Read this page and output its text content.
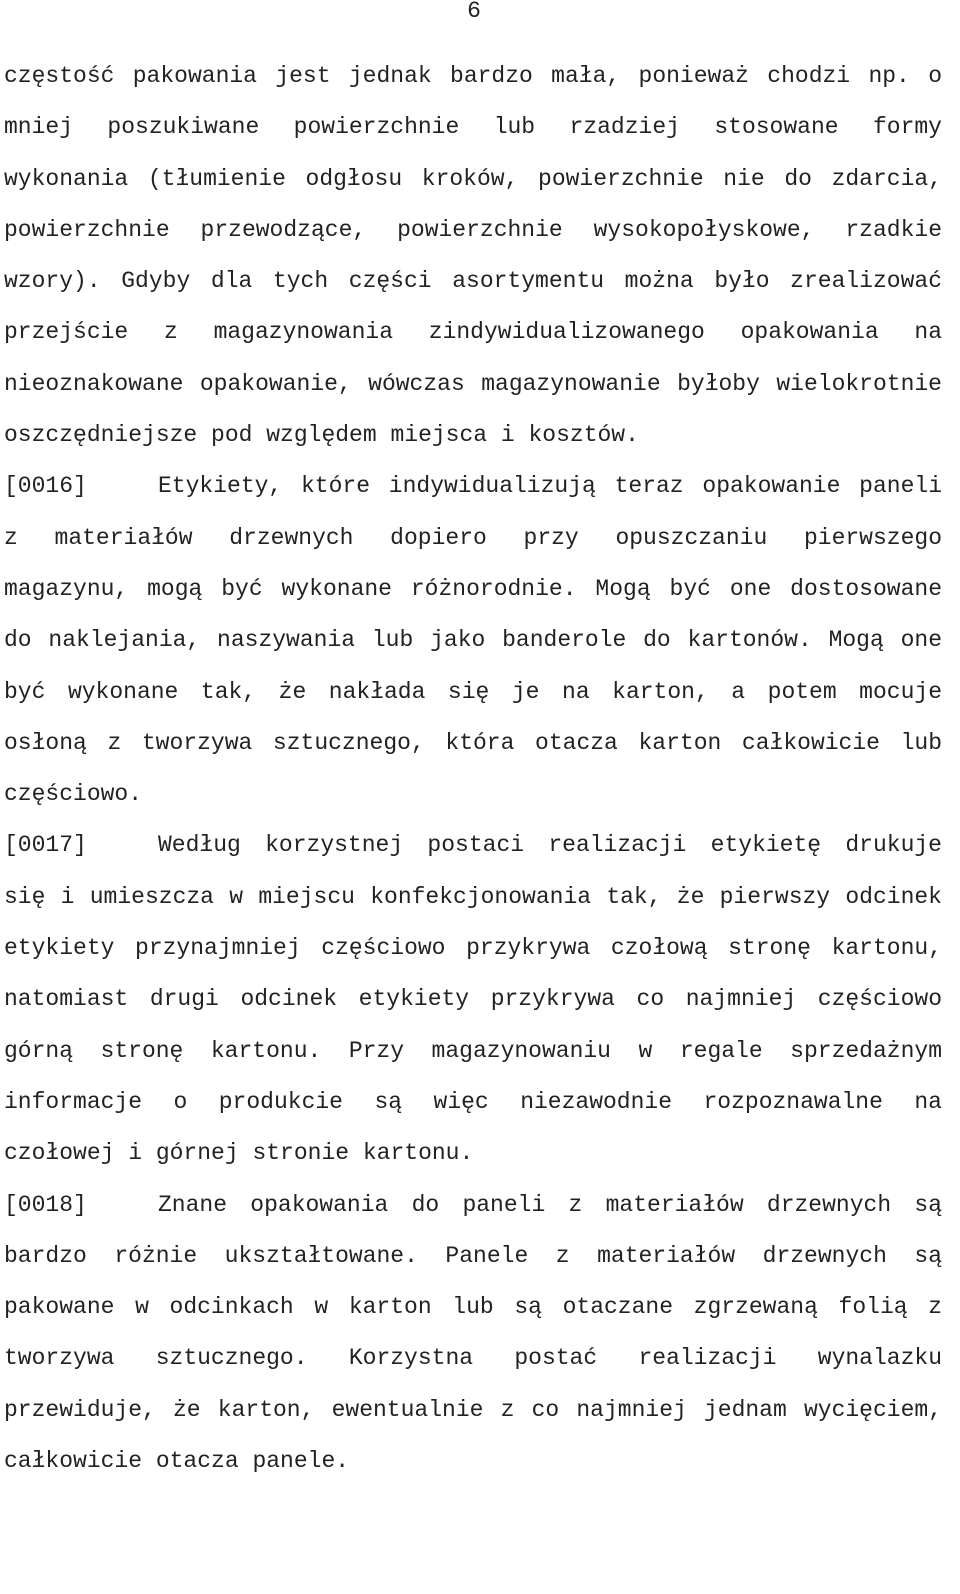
6

częstość pakowania jest jednak bardzo mała, ponieważ chodzi np. o mniej poszukiwane powierzchnie lub rzadziej stosowane formy wykonania (tłumienie odgłosu kroków, powierzchnie nie do zdarcia, powierzchnie przewodzące, powierzchnie wysokopołyskowe, rzadkie wzory). Gdyby dla tych części asortymentu można było zrealizować przejście z magazynowania zindywidualizowanego opakowania na nieoznakowane opakowanie, wówczas magazynowanie byłoby wielokrotnie oszczędniejsze pod względem miejsca i kosztów.

[0016]	Etykiety, które indywidualizują teraz opakowanie paneli z materiałów drzewnych dopiero przy opuszczaniu pierwszego magazynu, mogą być wykonane różnorodnie. Mogą być one dostosowane do naklejania, naszywania lub jako banderole do kartonów. Mogą one być wykonane tak, że nakłada się je na karton, a potem mocuje osłoną z tworzywa sztucznego, która otacza karton całkowicie lub częściowo.

[0017]	Według korzystnej postaci realizacji etykietę drukuje się i umieszcza w miejscu konfekcjonowania tak, że pierwszy odcinek etykiety przynajmniej częściowo przykrywa czołową stronę kartonu, natomiast drugi odcinek etykiety przykrywa co najmniej częściowo górną stronę kartonu. Przy magazynowaniu w regale sprzedażnym informacje o produkcie są więc niezawodnie rozpoznawalne na czołowej i górnej stronie kartonu.

[0018]	Znane opakowania do paneli z materiałów drzewnych są bardzo różnie ukształtowane. Panele z materiałów drzewnych są pakowane w odcinkach w karton lub są otaczane zgrzewaną folią z tworzywa sztucznego. Korzystna postać realizacji wynalazku przewiduje, że karton, ewentualnie z co najmniej jednam wycięciem, całkowicie otacza panele.
